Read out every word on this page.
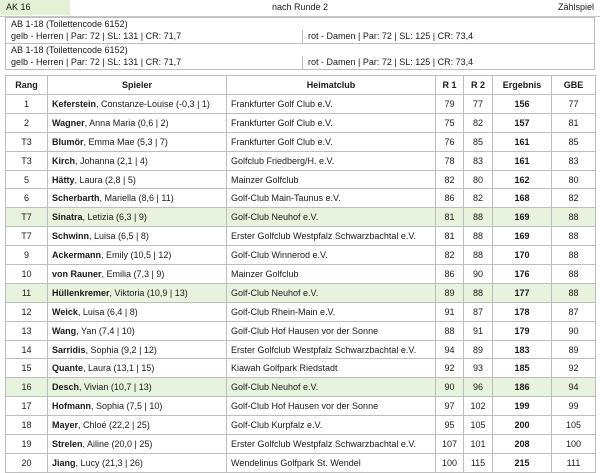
AK 16	nach Runde 2	Zählspiel
AB 1-18 (Toilettencode 6152)
gelb - Herren | Par: 72 | SL: 131 | CR: 71,7	rot - Damen | Par: 72 | SL: 125 | CR: 73,4
AB 1-18 (Toilettencode 6152)
gelb - Herren | Par: 72 | SL: 131 | CR: 71,7	rot - Damen | Par: 72 | SL: 125 | CR: 73,4
Rang	Spieler	Heimatclub	R 1	R 2	Ergebnis	GBE
1	Keferstein, Constanze-Louise (-0,3 | 1)	Frankfurter Golf Club e.V.	79	77	156	77
2	Wagner, Anna Maria (0,6 | 2)	Frankfurter Golf Club e.V.	75	82	157	81
T3	Blumör, Emma Mae (5,3 | 7)	Frankfurter Golf Club e.V.	76	85	161	85
T3	Kirch, Johanna (2,1 | 4)	Golfclub Friedberg/H. e.V.	78	83	161	83
5	Hätty, Laura (2,8 | 5)	Mainzer Golfclub	82	80	162	80
6	Scherbarth, Mariella (8,6 | 11)	Golf-Club Main-Taunus e.V.	86	82	168	82
T7	Sinatra, Letizia (6,3 | 9)	Golf-Club Neuhof e.V.	81	88	169	88
T7	Schwinn, Luisa (6,5 | 8)	Erster Golfclub Westpfalz Schwarzbachtal e.V.	81	88	169	88
9	Ackermann, Emily (10,5 | 12)	Golf-Club Winnerod e.V.	82	88	170	88
10	von Rauner, Emilia (7,3 | 9)	Mainzer Golfclub	86	90	176	88
11	Hüllenkremer, Viktoria (10,9 | 13)	Golf-Club Neuhof e.V.	89	88	177	88
12	Weick, Luisa (6,4 | 8)	Golf-Club Rhein-Main e.V.	91	87	178	87
13	Wang, Yan (7,4 | 10)	Golf-Club Hof Hausen vor der Sonne	88	91	179	90
14	Sarridis, Sophia (9,2 | 12)	Erster Golfclub Westpfalz Schwarzbachtal e.V.	94	89	183	89
15	Quante, Laura (13,1 | 15)	Kiawah Golfpark Riedstadt	92	93	185	92
16	Desch, Vivian (10,7 | 13)	Golf-Club Neuhof e.V.	90	96	186	94
17	Hofmann, Sophia (7,5 | 10)	Golf-Club Hof Hausen vor der Sonne	97	102	199	99
18	Mayer, Chloé (22,2 | 25)	Golf-Club Kurpfalz e.V.	95	105	200	105
19	Strelen, Ailine (20,0 | 25)	Erster Golfclub Westpfalz Schwarzbachtal e.V.	107	101	208	100
20	Jiang, Lucy (21,3 | 26)	Wendelinus Golfpark St. Wendel	100	115	215	111
